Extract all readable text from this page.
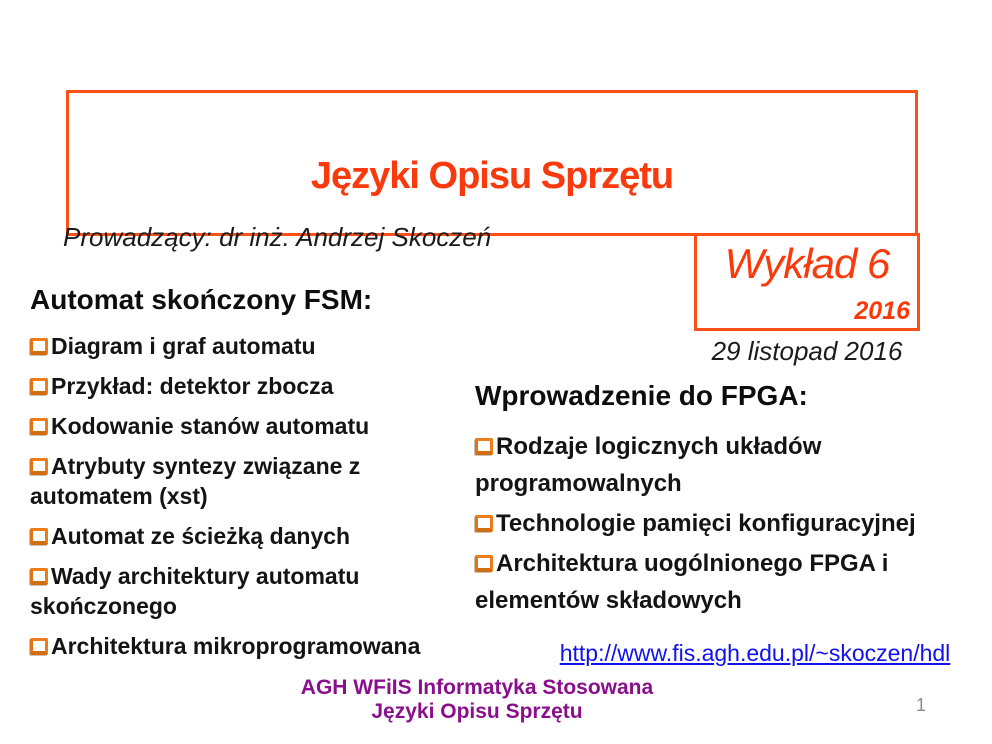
Języki Opisu Sprzętu
Prowadzący: dr inż. Andrzej Skoczeń
Wykład 6
2016
29 listopad 2016
Automat skończony FSM:
Diagram i graf automatu
Przykład: detektor zbocza
Kodowanie stanów automatu
Atrybuty syntezy związane z automatem (xst)
Automat ze ścieżką danych
Wady architektury automatu skończonego
Architektura mikroprogramowana
Wprowadzenie do FPGA:
Rodzaje logicznych układów programowalnych
Technologie pamięci konfiguracyjnej
Architektura uogólnionego FPGA i elementów składowych
http://www.fis.agh.edu.pl/~skoczen/hdl
AGH WFiIS Informatyka Stosowana
Języki Opisu Sprzętu	1
